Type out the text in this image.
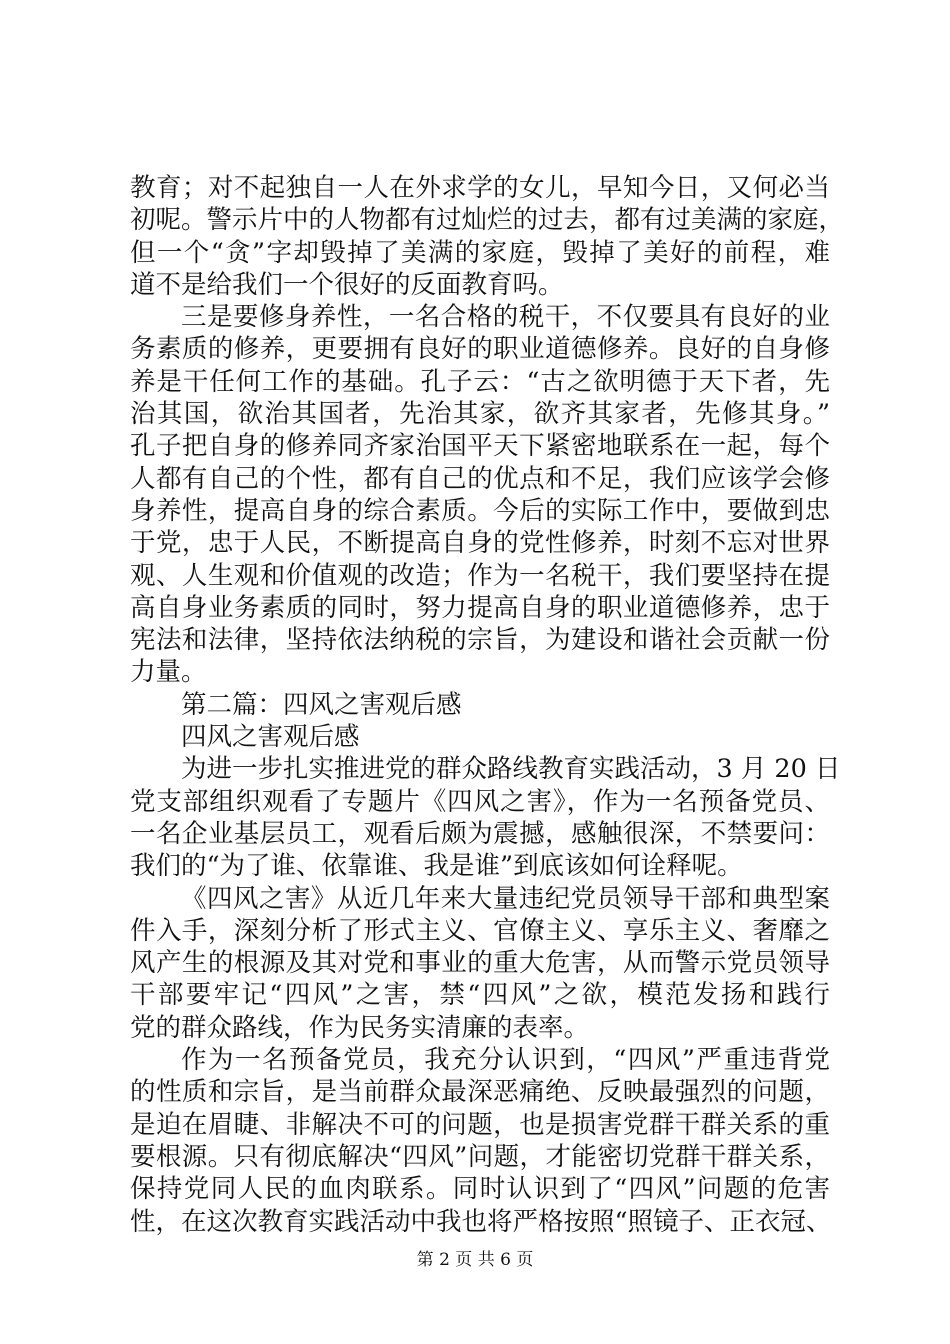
教育；对不起独自一人在外求学的女儿，早知今日，又何必当
初呢。警示片中的人物都有过灿烂的过去，都有过美满的家庭，
但一个“贪”字却毁掉了美满的家庭，毁掉了美好的前程，难
道不是给我们一个很好的反面教育吗。
三是要修身养性，一名合格的税干，不仅要具有良好的业
务素质的修养，更要拥有良好的职业道德修养。良好的自身修
养是干任何工作的基础。孔子云：“古之欲明德于天下者，先
治其国，欲治其国者，先治其家，欲齐其家者，先修其身。”
孔子把自身的修养同齐家治国平天下紧密地联系在一起，每个
人都有自己的个性，都有自己的优点和不足，我们应该学会修
身养性，提高自身的综合素质。今后的实际工作中，要做到忠
于党，忠于人民，不断提高自身的党性修养，时刻不忘对世界
观、人生观和价值观的改造；作为一名税干，我们要坚持在提
高自身业务素质的同时，努力提高自身的职业道德修养，忠于
宪法和法律，坚持依法纳税的宗旨，为建设和谐社会贡献一份
力量。
第二篇：四风之害观后感
四风之害观后感
为进一步扎实推进党的群众路线教育实践活动，3 月 20 日
党支部组织观看了专题片《四风之害》，作为一名预备党员、
一名企业基层员工，观看后颇为震撼，感触很深，不禁要问：
我们的“为了谁、依靠谁、我是谁”到底该如何诠释呢。
《四风之害》从近几年来大量违纪党员领导干部和典型案
件入手，深刻分析了形式主义、官僚主义、享乐主义、奢靡之
风产生的根源及其对党和事业的重大危害，从而警示党员领导
干部要牢记“四风”之害，禁“四风”之欲，模范发扬和践行
党的群众路线，作为民务实清廉的表率。
作为一名预备党员，我充分认识到，“四风”严重违背党
的性质和宗旨，是当前群众最深恶痛绝、反映最强烈的问题，
是迫在眉睫、非解决不可的问题，也是损害党群干群关系的重
要根源。只有彻底解决“四风”问题，才能密切党群干群关系，
保持党同人民的血肉联系。同时认识到了“四风”问题的危害
性，在这次教育实践活动中我也将严格按照“照镜子、正衣冠、
第 2 页 共 6 页
